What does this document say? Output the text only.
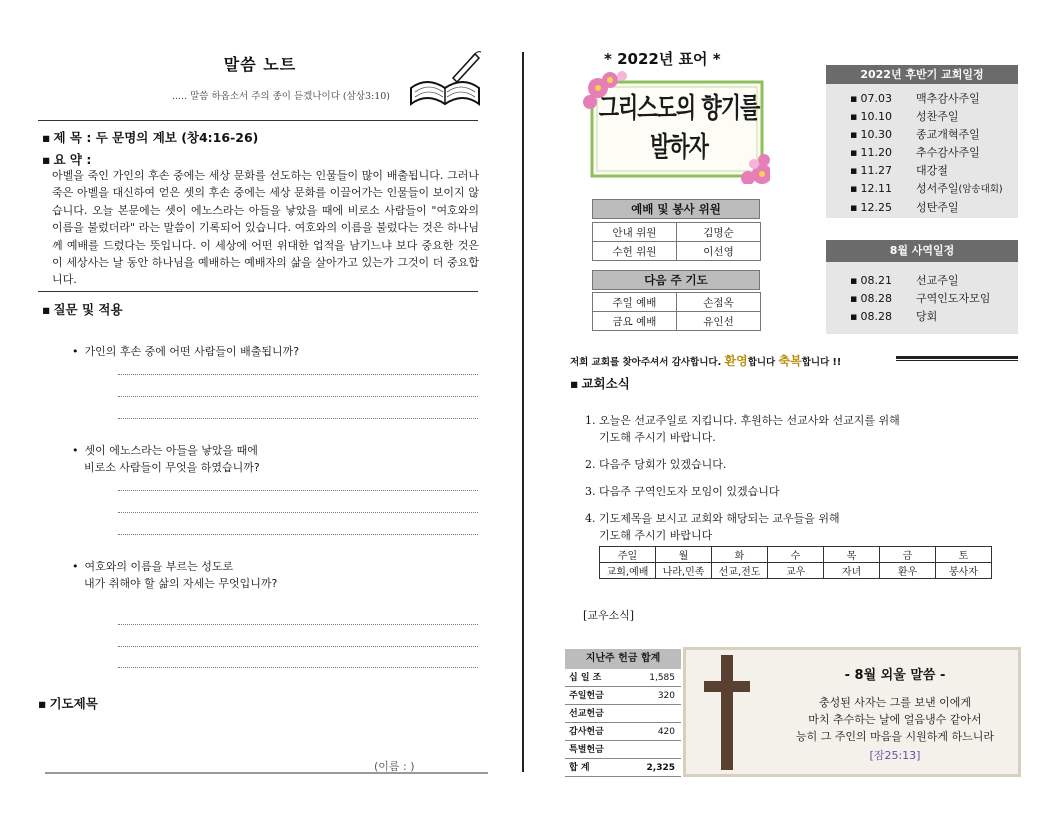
말씀 노트
..... 말씀 하옵소서 주의 종이 듣겠나이다 (삼상3:10)
▪ 제 목 : 두 문명의 계보 (창4:16-26)
▪ 요 약 :
아벨을 죽인 가인의 후손 중에는 세상 문화를 선도하는 인물들이 많이 배출됩니다. 그러나 죽은 아벨을 대신하여 얻은 셋의 후손 중에는 세상 문화를 이끌어가는 인물들이 보이지 않습니다. 오늘 본문에는 셋이 에노스라는 아들을 낳았을 때에 비로소 사람들이 "여호와의 이름을 불렀더라" 라는 말씀이 기록되어 있습니다. 여호와의 이름을 불렀다는 것은 하나님께 예배를 드렸다는 뜻입니다. 이 세상에 어떤 위대한 업적을 남기느냐 보다 중요한 것은 이 세상사는 날 동안 하나님을 예배하는 예배자의 삶을 살아가고 있는가 그것이 더 중요합니다.
▪ 질문 및 적용
• 가인의 후손 중에 어떤 사람들이 배출됩니까?
• 셋이 에노스라는 아들을 낳았을 때에
비로소 사람들이 무엇을 하였습니까?
• 여호와의 이름을 부르는 성도로
내가 취해야 할 삶의 자세는 무엇입니까?
▪ 기도제목
(이름 : )
* 2022년 표어 *
그리스도의 향기를 발하자
예배 및 봉사 위원
안내 위원	김명순
수헌 위원	이선영
다음 주 기도
주일 예배	손점옥
금요 예배	유인선
2022년 후반기 교회일정
▪ 07.03 맥추감사주일
▪ 10.10 성찬주일
▪ 10.30 종교개혁주일
▪ 11.20 추수감사주일
▪ 11.27 대강절
▪ 12.11 성서주일(암송대회)
▪ 12.25 성탄주일
8월 사역일정
▪ 08.21 선교주일
▪ 08.28 구역인도자모임
▪ 08.28 당회
저희 교회를 찾아주셔서 감사합니다. 환영합니다 축복합니다 !!
▪ 교회소식
1. 오늘은 선교주일로 지킵니다. 후원하는 선교사와 선교지를 위해
기도해 주시기 바랍니다.
2. 다음주 당회가 있겠습니다.
3. 다음주 구역인도자 모임이 있겠습니다
4. 기도제목을 보시고 교회와 해당되는 교우들을 위해
기도해 주시기 바랍니다
주일	월	화	수	목	금	토
교회,예배	나라,민족	선교,전도	교우	자녀	환우	봉사자
[교우소식]
지난주 헌금 합계
십 일 조	1,585
주일헌금	320
선교헌금
감사헌금	420
특별헌금
합 계	2,325
- 8월 외울 말씀 -
충성된 사자는 그를 보낸 이에게
마치 추수하는 날에 얼음냉수 같아서
능히 그 주인의 마음을 시원하게 하느니라
[잠25:13]
